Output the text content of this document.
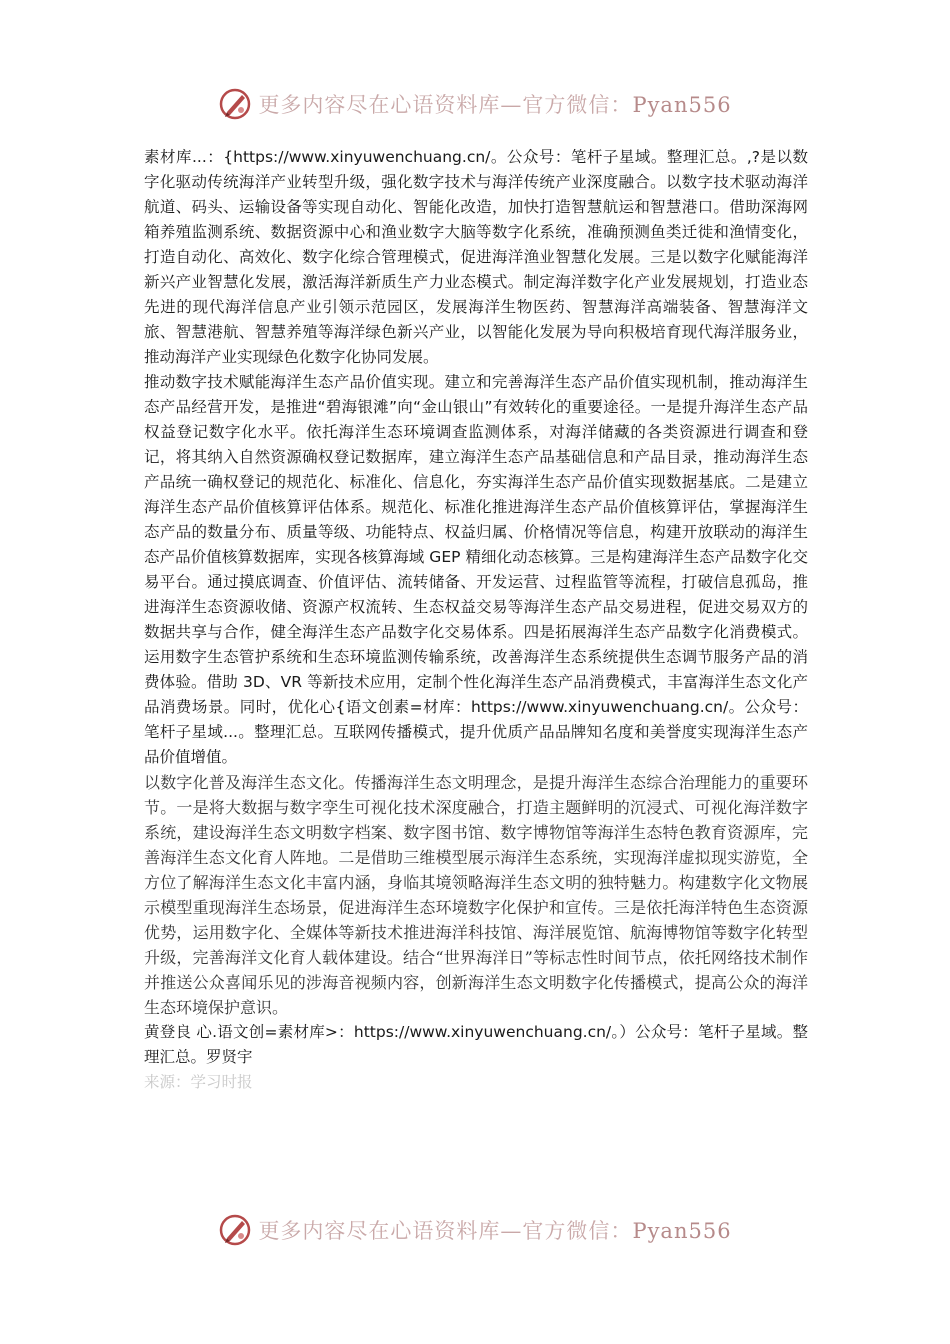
更多内容尽在心语资料库—官方微信：Pyan556

素材库...：{https://www.xinyuwenchuang.cn/。公众号：笔杆子星域。整理汇总。,?是以数字化驱动传统海洋产业转型升级，强化数字技术与海洋传统产业深度融合。以数字技术驱动海洋航道、码头、运输设备等实现自动化、智能化改造，加快打造智慧航运和智慧港口。借助深海网箱养殖监测系统、数据资源中心和渔业数字大脑等数字化系统，准确预测鱼类迁徙和渔情变化，打造自动化、高效化、数字化综合管理模式，促进海洋渔业智慧化发展。三是以数字化赋能海洋新兴产业智慧化发展，激活海洋新质生产力业态模式。制定海洋数字化产业发展规划，打造业态先进的现代海洋信息产业引领示范园区，发展海洋生物医药、智慧海洋高端装备、智慧海洋文旅、智慧港航、智慧养殖等海洋绿色新兴产业，以智能化发展为导向积极培育现代海洋服务业，推动海洋产业实现绿色化数字化协同发展。

推动数字技术赋能海洋生态产品价值实现。建立和完善海洋生态产品价值实现机制，推动海洋生态产品经营开发，是推进“碧海银滩”向“金山银山”有效转化的重要途径。一是提升海洋生态产品权益登记数字化水平。依托海洋生态环境调查监测体系，对海洋储藏的各类资源进行调查和登记，将其纳入自然资源确权登记数据库，建立海洋生态产品基础信息和产品目录，推动海洋生态产品统一确权登记的规范化、标准化、信息化，夯实海洋生态产品价值实现数据基底。二是建立海洋生态产品价值核算评估体系。规范化、标准化推进海洋生态产品价值核算评估，掌握海洋生态产品的数量分布、质量等级、功能特点、权益归属、价格情况等信息，构建开放联动的海洋生态产品价值核算数据库，实现各核算海域 GEP 精细化动态核算。三是构建海洋生态产品数字化交易平台。通过摸底调查、价值评估、流转储备、开发运营、过程监管等流程，打破信息孤岛，推进海洋生态资源收储、资源产权流转、生态权益交易等海洋生态产品交易进程，促进交易双方的数据共享与合作，健全海洋生态产品数字化交易体系。四是拓展海洋生态产品数字化消费模式。运用数字生态管护系统和生态环境监测传输系统，改善海洋生态系统提供生态调节服务产品的消费体验。借助 3D、VR 等新技术应用，定制个性化海洋生态产品消费模式，丰富海洋生态文化产品消费场景。同时，优化心{语文创素=材库：https://www.xinyuwenchuang.cn/。公众号：笔杆子星域...。整理汇总。互联网传播模式，提升优质产品品牌知名度和美誉度实现海洋生态产品价值增值。

以数字化普及海洋生态文化。传播海洋生态文明理念，是提升海洋生态综合治理能力的重要环节。一是将大数据与数字孪生可视化技术深度融合，打造主题鲜明的沉浸式、可视化海洋数字系统，建设海洋生态文明数字档案、数字图书馆、数字博物馆等海洋生态特色教育资源库，完善海洋生态文化育人阵地。二是借助三维模型展示海洋生态系统，实现海洋虚拟现实游览，全方位了解海洋生态文化丰富内涵，身临其境领略海洋生态文明的独特魅力。构建数字化文物展示模型重现海洋生态场景，促进海洋生态环境数字化保护和宣传。三是依托海洋特色生态资源优势，运用数字化、全媒体等新技术推进海洋科技馆、海洋展览馆、航海博物馆等数字化转型升级，完善海洋文化育人载体建设。结合“世界海洋日”等标志性时间节点，依托网络技术制作并推送公众喜闻乐见的涉海音视频内容，创新海洋生态文明数字化传播模式，提高公众的海洋生态环境保护意识。

黄登良 心.语文创=素材库>：https://www.xinyuwenchuang.cn/。）公众号：笔杆子星域。整理汇总。罗贤宇

来源：学习时报

更多内容尽在心语资料库—官方微信：Pyan556
